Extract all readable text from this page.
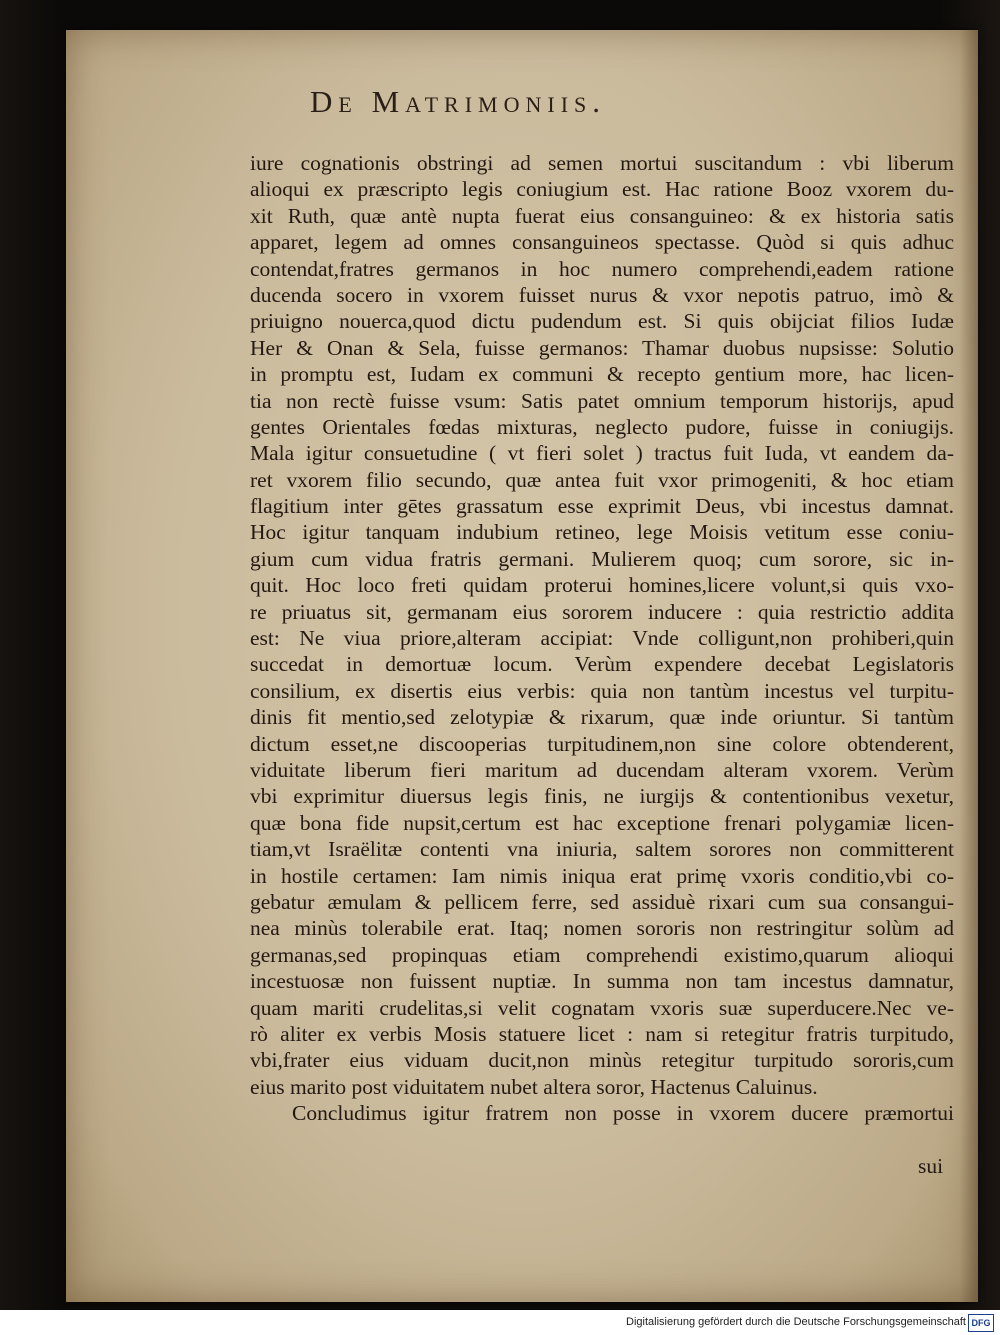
De Matrimoniis.
iure cognationis obstringi ad semen mortui suscitandum : vbi liberum
alioqui ex præscripto legis coniugium est. Hac ratione Booz vxorem du-
xit Ruth, quæ antè nupta fuerat eius consanguineo: & ex historia satis
apparet, legem ad omnes consanguineos spectasse. Quòd si quis adhuc
contendat,fratres germanos in hoc numero comprehendi,eadem ratione
ducenda socero in vxorem fuisset nurus & vxor nepotis patruo, imò &
priuigno nouerca,quod dictu pudendum est. Si quis obijciat filios Iudæ
Her & Onan & Sela, fuisse germanos: Thamar duobus nupsisse: Solutio
in promptu est, Iudam ex communi & recepto gentium more, hac licen-
tia non rectè fuisse vsum: Satis patet omnium temporum historijs, apud
gentes Orientales fœdas mixturas, neglecto pudore, fuisse in coniugijs.
Mala igitur consuetudine ( vt fieri solet ) tractus fuit Iuda, vt eandem da-
ret vxorem filio secundo, quæ antea fuit vxor primogeniti, & hoc etiam
flagitium inter gētes grassatum esse exprimit Deus, vbi incestus damnat.
Hoc igitur tanquam indubium retineo, lege Moisis vetitum esse coniu-
gium cum vidua fratris germani. Mulierem quoq; cum sorore, sic in-
quit. Hoc loco freti quidam proterui homines,licere volunt,si quis vxo-
re priuatus sit, germanam eius sororem inducere : quia restrictio addita
est: Ne viua priore,alteram accipiat: Vnde colligunt,non prohiberi,quin
succedat in demortuæ locum. Verùm expendere decebat Legislatoris
consilium, ex disertis eius verbis: quia non tantùm incestus vel turpitu-
dinis fit mentio,sed zelotypiæ & rixarum, quæ inde oriuntur. Si tantùm
dictum esset,ne discooperias turpitudinem,non sine colore obtenderent,
viduitate liberum fieri maritum ad ducendam alteram vxorem. Verùm
vbi exprimitur diuersus legis finis, ne iurgijs & contentionibus vexetur,
quæ bona fide nupsit,certum est hac exceptione frenari polygamiæ licen-
tiam,vt Israëlitæ contenti vna iniuria, saltem sorores non committerent
in hostile certamen: Iam nimis iniqua erat primę vxoris conditio,vbi co-
gebatur æmulam & pellicem ferre, sed assiduè rixari cum sua consangui-
nea minùs tolerabile erat. Itaq; nomen sororis non restringitur solùm ad
germanas,sed propinquas etiam comprehendi existimo,quarum alioqui
incestuosæ non fuissent nuptiæ. In summa non tam incestus damnatur,
quam mariti crudelitas,si velit cognatam vxoris suæ superducere.Nec ve-
rò aliter ex verbis Mosis statuere licet : nam si retegitur fratris turpitudo,
vbi,frater eius viduam ducit,non minùs retegitur turpitudo sororis,cum
eius marito post viduitatem nubet altera soror, Hactenus Caluinus.
Concludimus igitur fratrem non posse in vxorem ducere præmortui
sui
Digitalisierung gefördert durch die Deutsche Forschungsgemeinschaft DFG
